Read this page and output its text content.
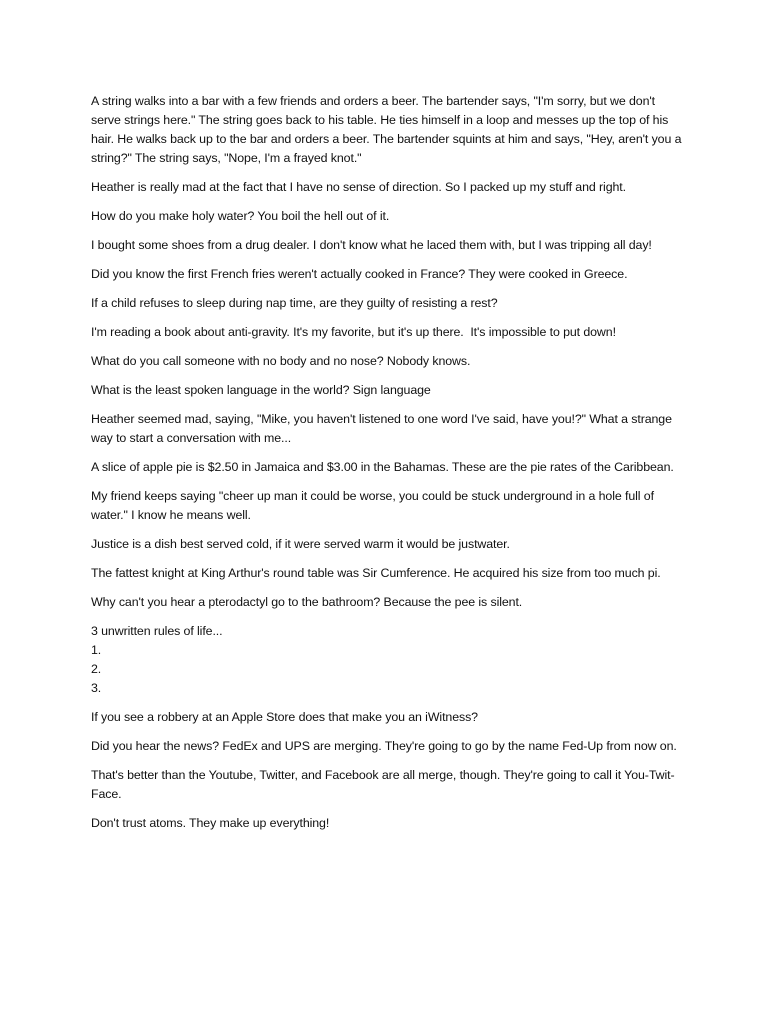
A string walks into a bar with a few friends and orders a beer. The bartender says, "I'm sorry, but we don't serve strings here." The string goes back to his table. He ties himself in a loop and messes up the top of his hair. He walks back up to the bar and orders a beer. The bartender squints at him and says, "Hey, aren't you a string?" The string says, "Nope, I'm a frayed knot."

Heather is really mad at the fact that I have no sense of direction. So I packed up my stuff and right.

How do you make holy water? You boil the hell out of it.

I bought some shoes from a drug dealer. I don't know what he laced them with, but I was tripping all day!

Did you know the first French fries weren't actually cooked in France? They were cooked in Greece.

If a child refuses to sleep during nap time, are they guilty of resisting a rest?

I'm reading a book about anti-gravity. It's my favorite, but it's up there.  It's impossible to put down!

What do you call someone with no body and no nose? Nobody knows.

What is the least spoken language in the world? Sign language

Heather seemed mad, saying, "Mike, you haven't listened to one word I've said, have you!?" What a strange way to start a conversation with me...

A slice of apple pie is $2.50 in Jamaica and $3.00 in the Bahamas. These are the pie rates of the Caribbean.

My friend keeps saying "cheer up man it could be worse, you could be stuck underground in a hole full of water." I know he means well.

Justice is a dish best served cold, if it were served warm it would be justwater.

The fattest knight at King Arthur's round table was Sir Cumference. He acquired his size from too much pi.

Why can't you hear a pterodactyl go to the bathroom? Because the pee is silent.

3 unwritten rules of life...

1.

2.

3.

If you see a robbery at an Apple Store does that make you an iWitness?

Did you hear the news? FedEx and UPS are merging. They're going to go by the name Fed-Up from now on.

That's better than the Youtube, Twitter, and Facebook are all merge, though. They're going to call it You-Twit-Face.

Don't trust atoms. They make up everything!
